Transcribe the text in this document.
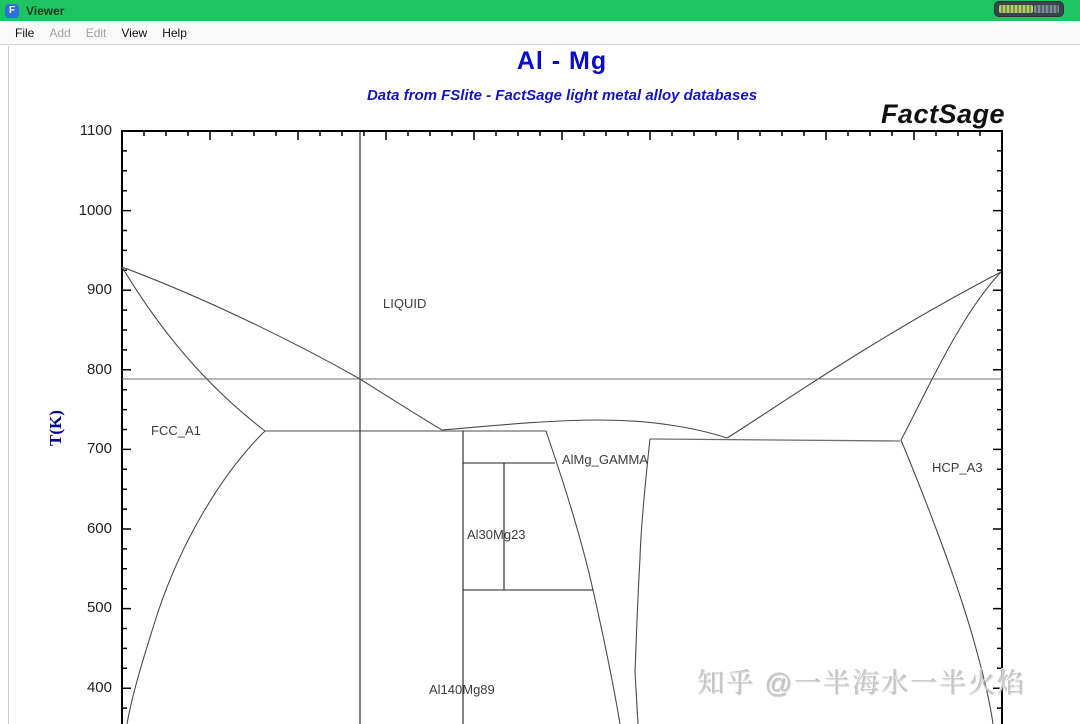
F Viewer
File Add Edit View Help
Al - Mg
Data from FSlite - FactSage light metal alloy databases
FactSage
T(K)
1100
1000
900
800
700
600
500
400
LIQUID
FCC_A1
AlMg_GAMMA
Al30Mg23
Al140Mg89
HCP_A3
知乎 @一半海水一半火焰
